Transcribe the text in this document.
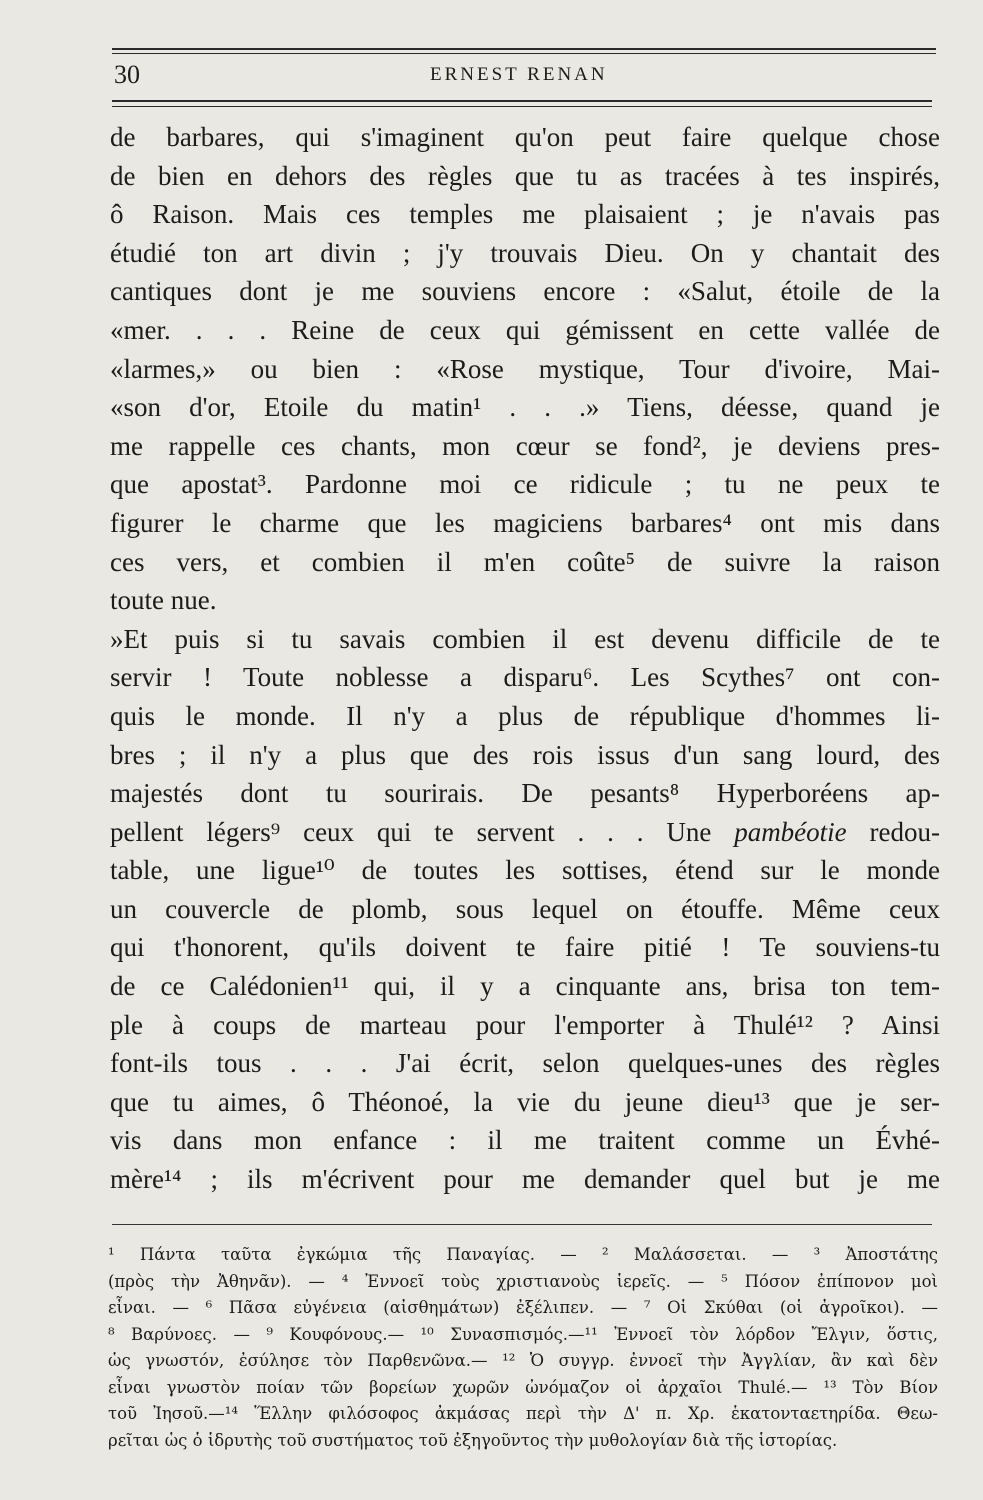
30	ERNEST RENAN
de barbares, qui s'imaginent qu'on peut faire quelque chose
de bien en dehors des règles que tu as tracées à tes inspirés,
ô Raison. Mais ces temples me plaisaient ; je n'avais pas
étudié ton art divin ; j'y trouvais Dieu. On y chantait des
cantiques dont je me souviens encore : «Salut, étoile de la
«mer. . . . Reine de ceux qui gémissent en cette vallée de
«larmes,» ou bien : «Rose mystique, Tour d'ivoire, Mai-
«son d'or, Etoile du matin¹ . . .» Tiens, déesse, quand je
me rappelle ces chants, mon cœur se fond², je deviens pres-
que apostat³. Pardonne moi ce ridicule ; tu ne peux te
figurer le charme que les magiciens barbares⁴ ont mis dans
ces vers, et combien il m'en coûte⁵ de suivre la raison
toute nue.
»Et puis si tu savais combien il est devenu difficile de te
servir ! Toute noblesse a disparu⁶. Les Scythes⁷ ont con-
quis le monde. Il n'y a plus de république d'hommes li-
bres ; il n'y a plus que des rois issus d'un sang lourd, des
majestés dont tu sourirais. De pesants⁸ Hyperboréens ap-
pellent légers⁹ ceux qui te servent . . . Une pambéotie redou-
table, une ligue¹⁰ de toutes les sottises, étend sur le monde
un couvercle de plomb, sous lequel on étouffe. Même ceux
qui t'honorent, qu'ils doivent te faire pitié ! Te souviens-tu
de ce Calédonien¹¹ qui, il y a cinquante ans, brisa ton tem-
ple à coups de marteau pour l'emporter à Thulé¹² ? Ainsi
font-ils tous . . . J'ai écrit, selon quelques-unes des règles
que tu aimes, ô Théonoé, la vie du jeune dieu¹³ que je ser-
vis dans mon enfance : il me traitent comme un Évhé-
mère¹⁴ ; ils m'écrivent pour me demander quel but je me
¹ Πάντα ταῦτα ἐγκώμια τῆς Παναγίας. — ² Μαλάσσεται. — ³ Ἀποστάτης
(πρὸς τὴν Ἀθηνᾶν). — ⁴ Ἐννοεῖ τοὺς χριστιανοὺς ἱερεῖς. — ⁵ Πόσον ἐπίπονον μοὶ
εἶναι. — ⁶ Πᾶσα εὐγένεια (αἰσθημάτων) ἐξέλιπεν. — ⁷ Οἱ Σκύθαι (οἱ ἀγροῖκοι). —
⁸ Βαρύνοες. — ⁹ Κουφόνους.— ¹⁰ Συνασπισμός.—¹¹ Ἐννοεῖ τὸν λόρδον Ἔλγιν, ὅστις,
ὡς γνωστόν, ἐσύλησε τὸν Παρθενῶνα.— ¹² Ὁ συγγρ. ἐννοεῖ τὴν Ἀγγλίαν, ἂν καὶ δὲν
εἶναι γνωστὸν ποίαν τῶν βορείων χωρῶν ὠνόμαζον οἱ ἀρχαῖοι Thulé.— ¹³ Τὸν Βίον
τοῦ Ἰησοῦ.—¹⁴ Ἕλλην φιλόσοφος ἀκμάσας περὶ τὴν Δ' π. Χρ. ἑκατονταετηρίδα. Θεω-
ρεῖται ὡς ὁ ἱδρυτὴς τοῦ συστήματος τοῦ ἐξηγοῦντος τὴν μυθολογίαν διὰ τῆς ἱστορίας.
